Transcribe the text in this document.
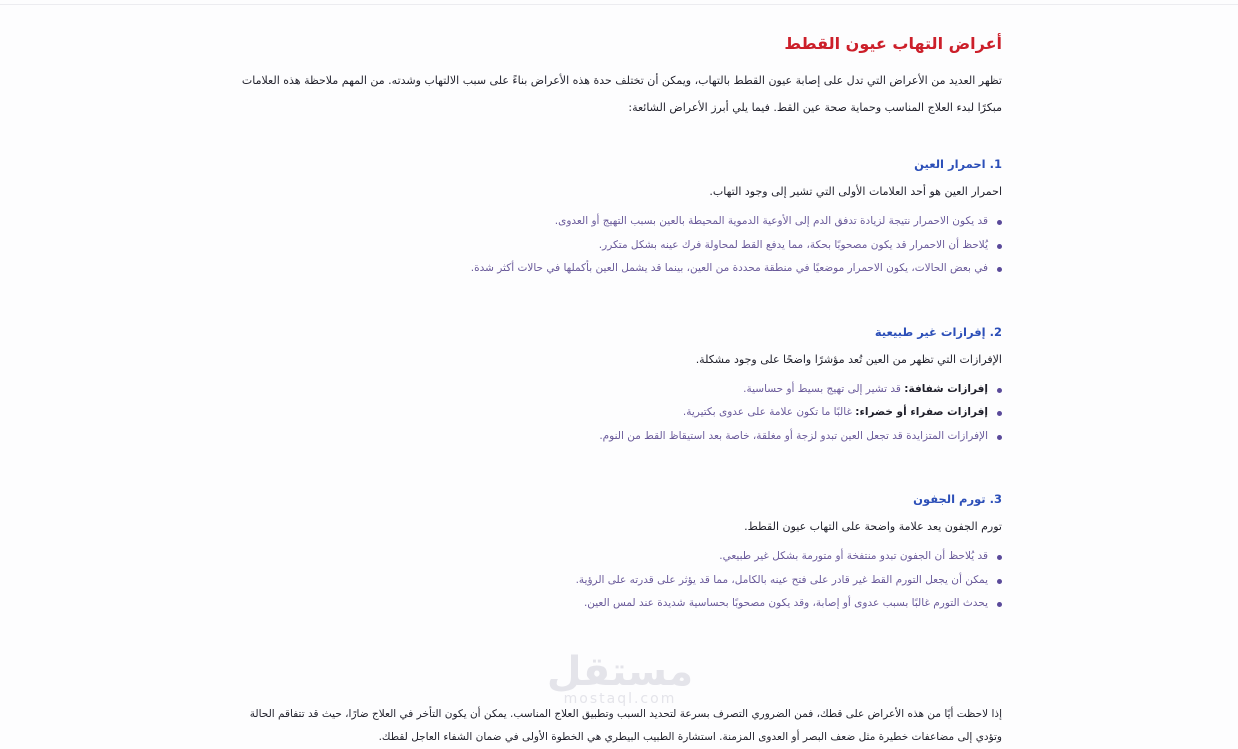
أعراض التهاب عيون القطط

تظهر العديد من الأعراض التي تدل على إصابة عيون القطط بالتهاب، ويمكن أن تختلف حدة هذه الأعراض بناءً على سبب الالتهاب وشدته. من المهم ملاحظة هذه العلامات مبكرًا لبدء العلاج المناسب وحماية صحة عين القط. فيما يلي أبرز الأعراض الشائعة:

1. احمرار العين

احمرار العين هو أحد العلامات الأولى التي تشير إلى وجود التهاب.

قد يكون الاحمرار نتيجة لزيادة تدفق الدم إلى الأوعية الدموية المحيطة بالعين بسبب التهيج أو العدوى.
يُلاحظ أن الاحمرار قد يكون مصحوبًا بحكة، مما يدفع القط لمحاولة فرك عينه بشكل متكرر.
في بعض الحالات، يكون الاحمرار موضعيًا في منطقة محددة من العين، بينما قد يشمل العين بأكملها في حالات أكثر شدة.
2. إفرازات غير طبيعية

الإفرازات التي تظهر من العين تُعد مؤشرًا واضحًا على وجود مشكلة.

إفرازات شفافة: قد تشير إلى تهيج بسيط أو حساسية.
إفرازات صفراء أو خضراء: غالبًا ما تكون علامة على عدوى بكتيرية.
الإفرازات المتزايدة قد تجعل العين تبدو لزجة أو مغلقة، خاصة بعد استيقاظ القط من النوم.
3. تورم الجفون

تورم الجفون يعد علامة واضحة على التهاب عيون القطط.

قد يُلاحظ أن الجفون تبدو منتفخة أو متورمة بشكل غير طبيعي.
يمكن أن يجعل التورم القط غير قادر على فتح عينه بالكامل، مما قد يؤثر على قدرته على الرؤية.
يحدث التورم غالبًا بسبب عدوى أو إصابة، وقد يكون مصحوبًا بحساسية شديدة عند لمس العين.
مستقل
mostaql.com

إذا لاحظت أيًا من هذه الأعراض على قطك، فمن الضروري التصرف بسرعة لتحديد السبب وتطبيق العلاج المناسب. يمكن أن يكون التأخر في العلاج ضارًا، حيث قد تتفاقم الحالة وتؤدي إلى مضاعفات خطيرة مثل ضعف البصر أو العدوى المزمنة. استشارة الطبيب البيطري هي الخطوة الأولى في ضمان الشفاء العاجل لقطك.
